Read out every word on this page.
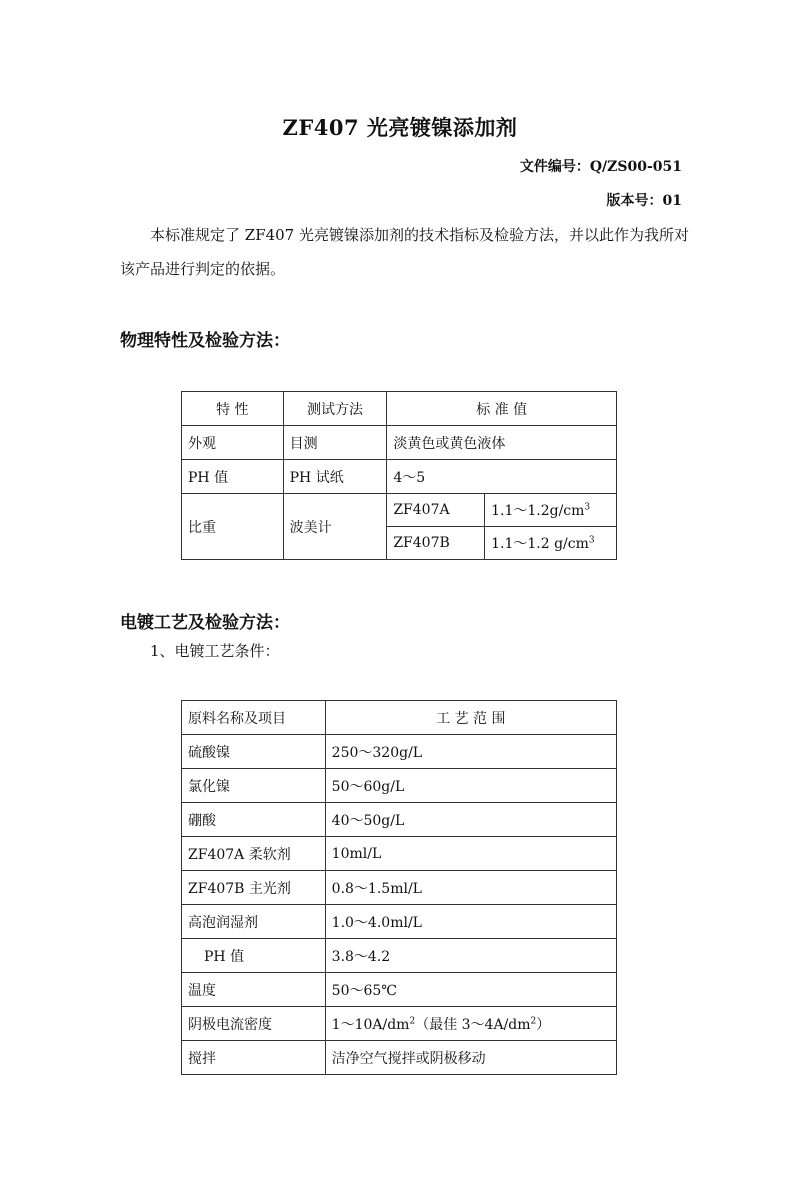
ZF407 光亮镀镍添加剂
文件编号：Q/ZS00-051
版本号：01

本标准规定了 ZF407 光亮镀镍添加剂的技术指标及检验方法，并以此作为我所对该产品进行判定的依据。

物理特性及检验方法：
特 性	测试方法	标 准 值	
外观	目测	淡黄色或黄色液体	
PH 值	PH 试纸	4～5	
比重	波美计	ZF407A	$1.1\sim 1.2g/cm^3$
		ZF407B	1.1～1.2 $g/cm^3$
电镀工艺及检验方法：

1、电镀工艺条件：

原料名称及项目	工 艺 范 围
硫酸镍	250～320g/L
氯化镍	50～60g/L
硼酸	40～50g/L
ZF407A 柔软剂	10ml/L
ZF407B 主光剂	0.8～1.5ml/L
高泡润湿剂	1.0～4.0ml/L
PH 值	3.8～4.2
温度	50～65℃
阴极电流密度	$1\sim 10A/dm^2$（最佳 $3\sim 4A/dm^2$）
搅拌	洁净空气搅拌或阴极移动
